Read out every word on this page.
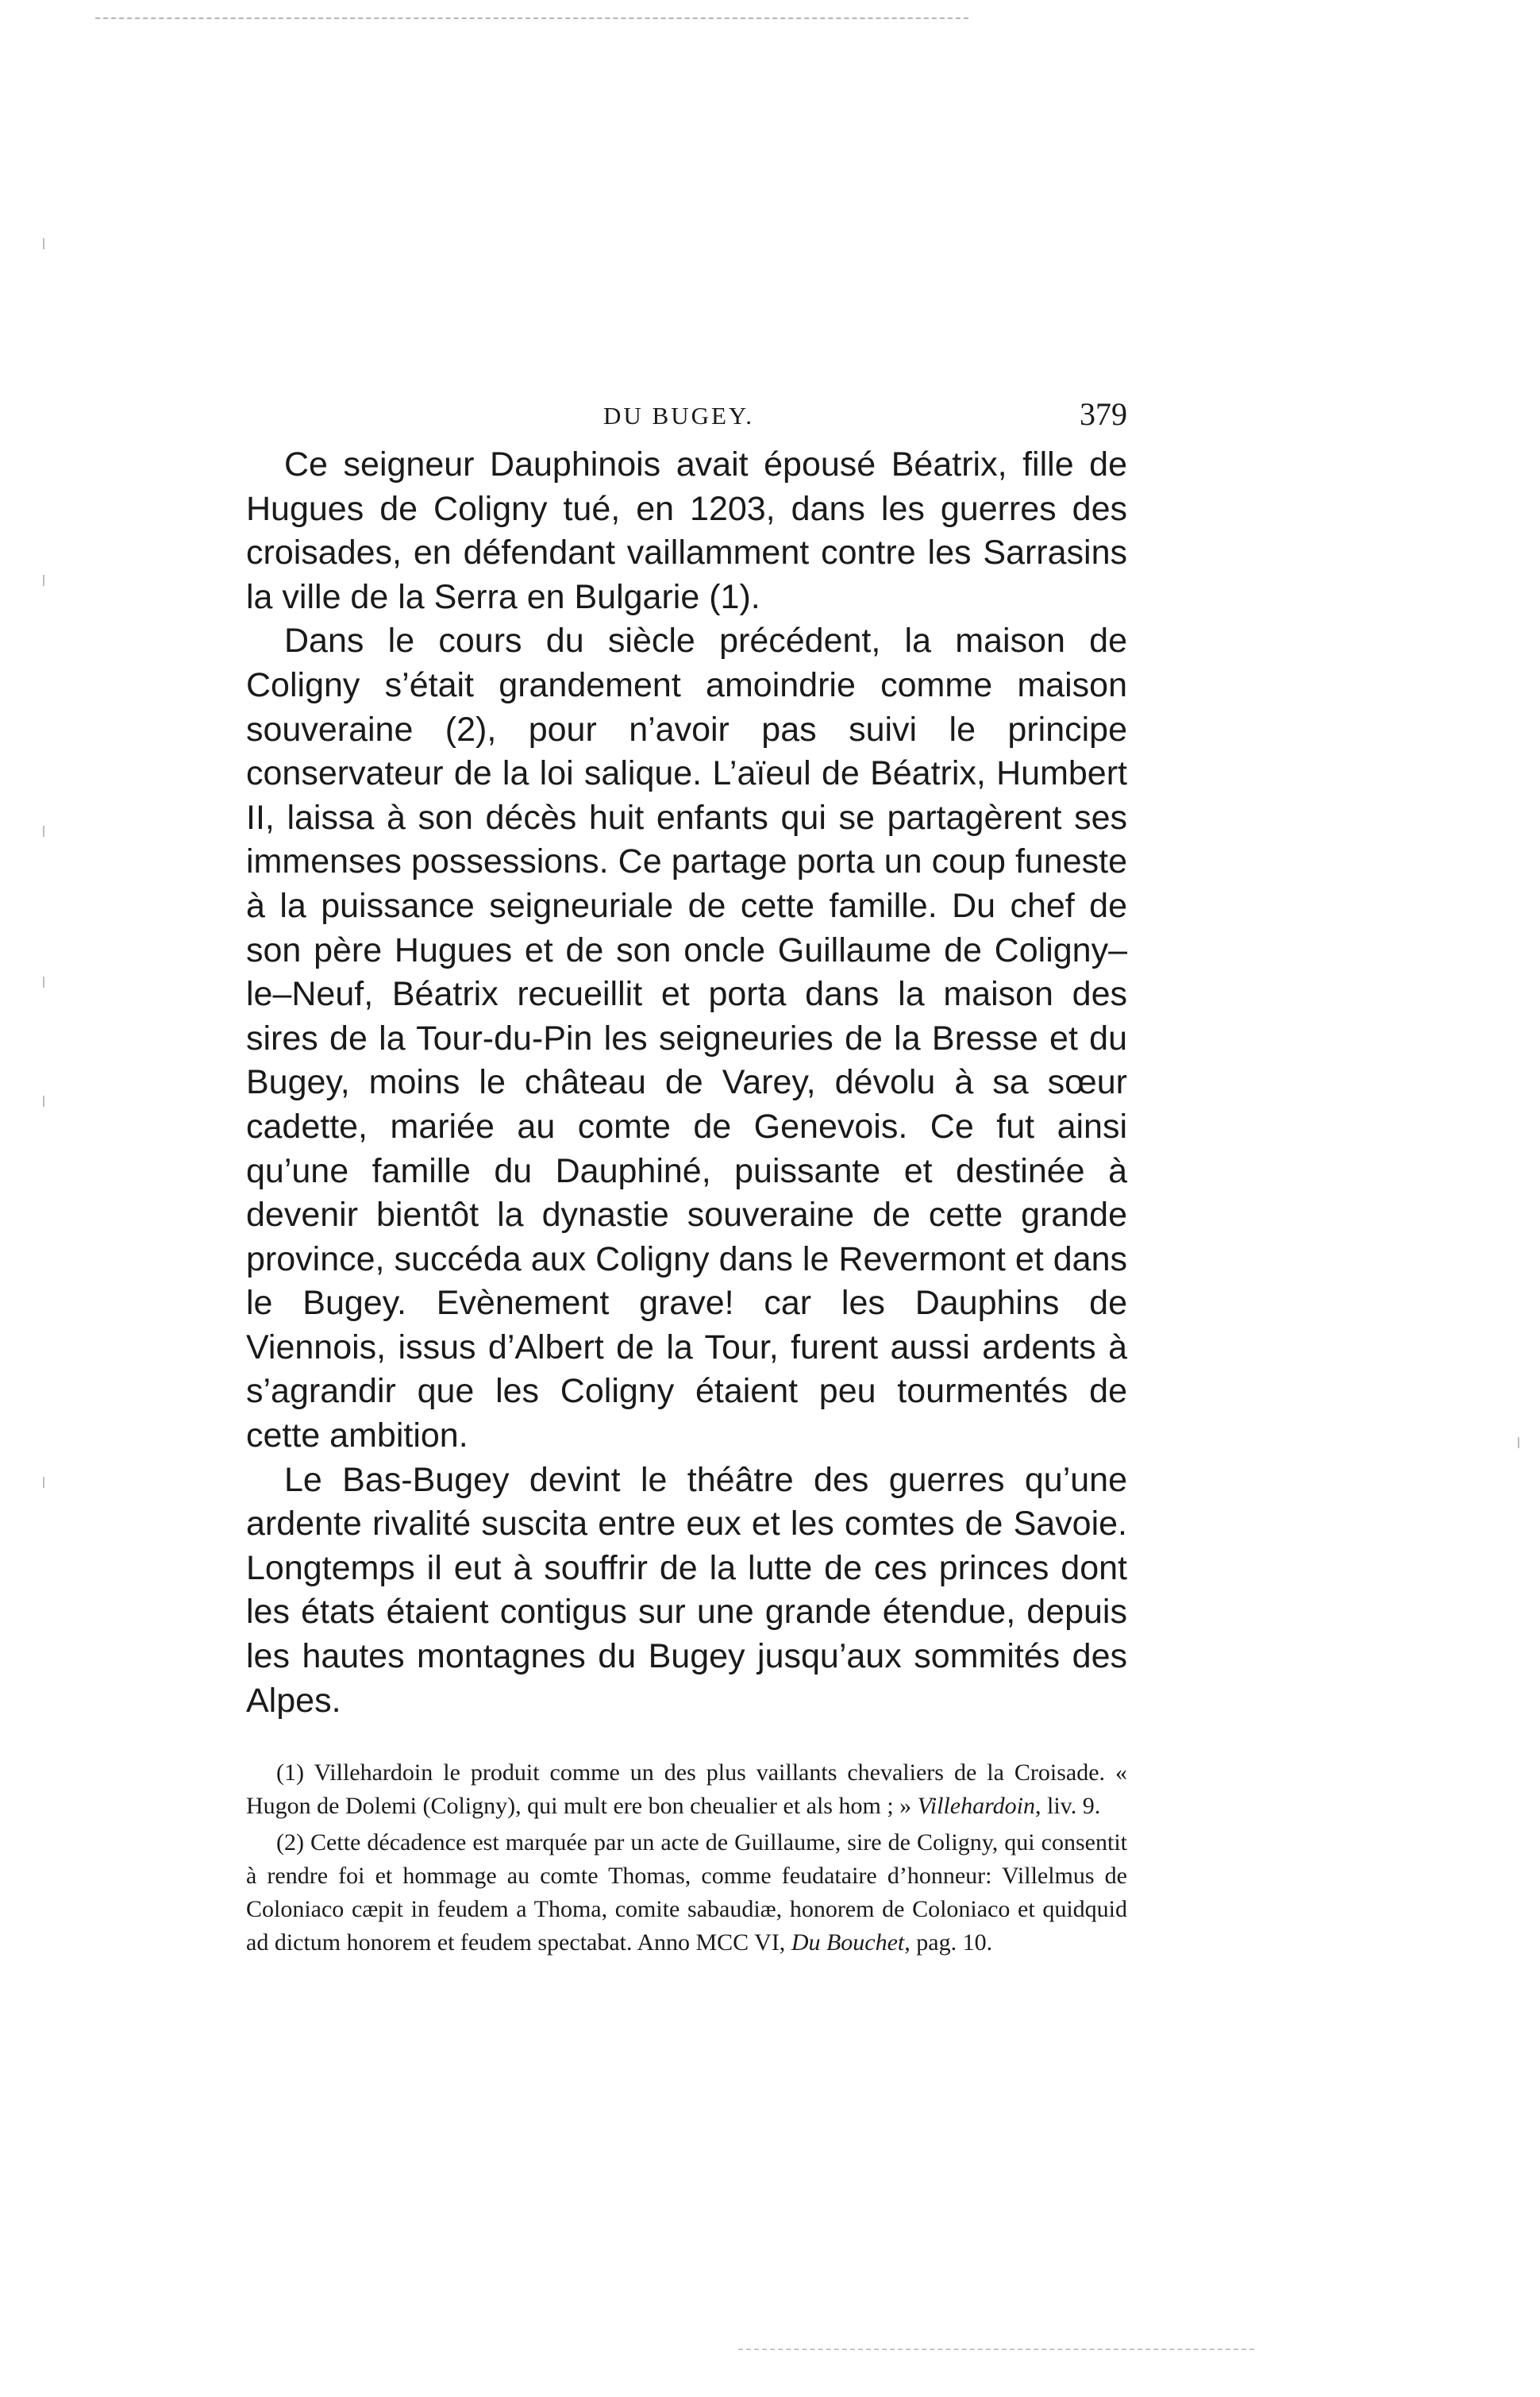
DU BUGEY.	379

Ce seigneur Dauphinois avait épousé Béatrix, fille de Hugues de Coligny tué, en 1203, dans les guerres des croisades, en défendant vaillamment contre les Sarrasins la ville de la Serra en Bulgarie (1).

Dans le cours du siècle précédent, la maison de Coligny s’était grandement amoindrie comme maison souveraine (2), pour n’avoir pas suivi le principe conservateur de la loi salique. L’aïeul de Béatrix, Humbert II, laissa à son décès huit enfants qui se partagèrent ses immenses possessions. Ce partage porta un coup funeste à la puissance seigneuriale de cette famille. Du chef de son père Hugues et de son oncle Guillaume de Coligny–le–Neuf, Béatrix recueillit et porta dans la maison des sires de la Tour-du-Pin les seigneuries de la Bresse et du Bugey, moins le château de Varey, dévolu à sa sœur cadette, mariée au comte de Genevois. Ce fut ainsi qu’une famille du Dauphiné, puissante et destinée à devenir bientôt la dynastie souveraine de cette grande province, succéda aux Coligny dans le Revermont et dans le Bugey. Evènement grave! car les Dauphins de Viennois, issus d’Albert de la Tour, furent aussi ardents à s’agrandir que les Coligny étaient peu tourmentés de cette ambition.

Le Bas-Bugey devint le théâtre des guerres qu’une ardente rivalité suscita entre eux et les comtes de Savoie. Longtemps il eut à souffrir de la lutte de ces princes dont les états étaient contigus sur une grande étendue, depuis les hautes montagnes du Bugey jusqu’aux sommités des Alpes.

(1) Villehardoin le produit comme un des plus vaillants chevaliers de la Croisade. « Hugon de Dolemi (Coligny), qui mult ere bon cheualier et als hom ; » Villehardoin, liv. 9.

(2) Cette décadence est marquée par un acte de Guillaume, sire de Coligny, qui consentit à rendre foi et hommage au comte Thomas, comme feudataire d’honneur: Villelmus de Coloniaco cæpit in feudem a Thoma, comite sabaudiæ, honorem de Coloniaco et quidquid ad dictum honorem et feudem spectabat. Anno MCC VI, Du Bouchet, pag. 10.
